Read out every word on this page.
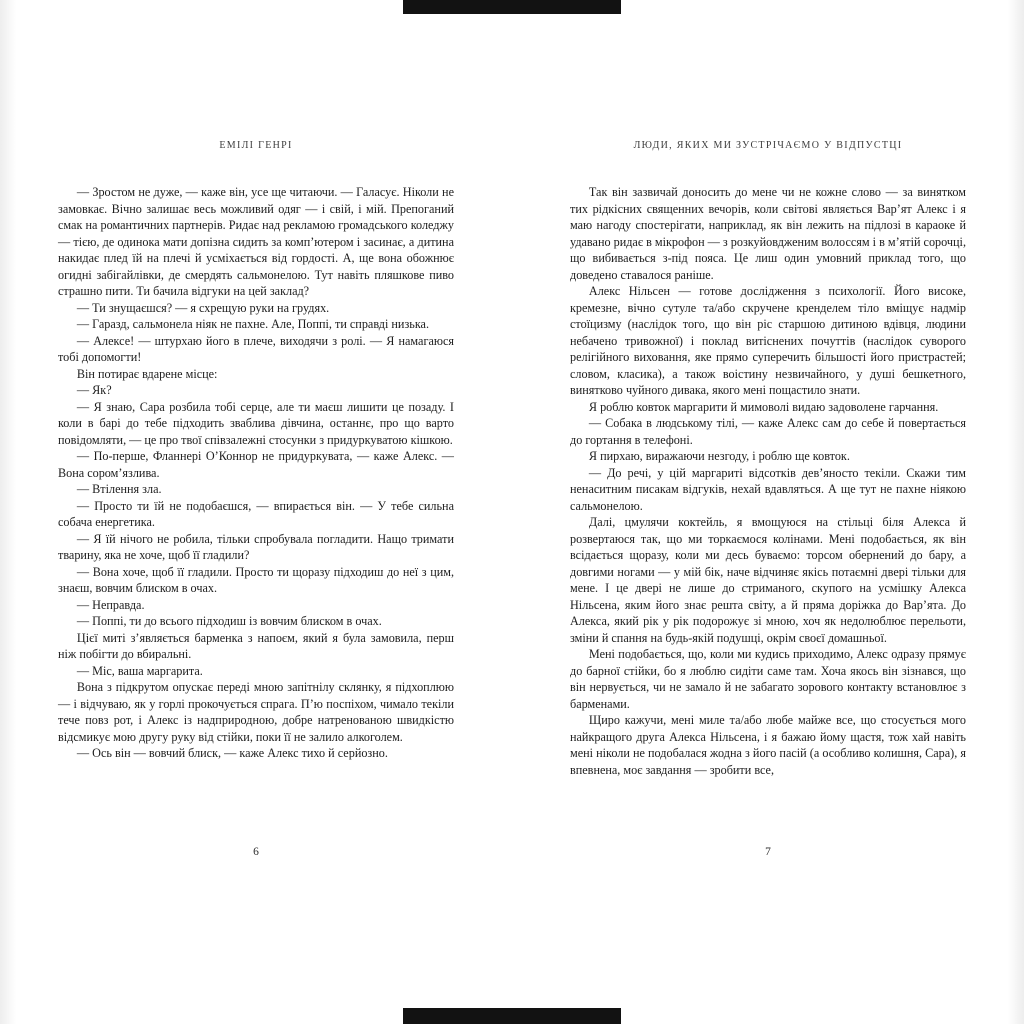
ЕМІЛІ ГЕНРІ

— Зростом не дуже, — каже він, усе ще читаючи. — Галасує. Ніколи не замовкає. Вічно залишає весь можливий одяг — і свій, і мій. Препоганий смак на романтичних партнерів. Ридає над рекламою громадського коледжу — тією, де одинока мати допізна сидить за комп’ютером і засинає, а дитина накидає плед їй на плечі й усміхається від гордості. А, ще вона обожнює огидні забігайлівки, де смердять сальмонелою. Тут навіть пляшкове пиво страшно пити. Ти бачила відгуки на цей заклад?

— Ти знущаєшся? — я схрещую руки на грудях.

— Гаразд, сальмонела ніяк не пахне. Але, Поппі, ти справді низька.

— Алексе! — штурхаю його в плече, виходячи з ролі. — Я намагаюся тобі допомогти!

Він потирає вдарене місце:

— Як?

— Я знаю, Сара розбила тобі серце, але ти маєш лишити це позаду. І коли в барі до тебе підходить зваблива дівчина, останнє, про що варто повідомляти, — це про твої співзалежні стосунки з придуркуватою кішкою.

— По-перше, Фланнері О’Коннор не придуркувата, — каже Алекс. — Вона сором’язлива.

— Втілення зла.

— Просто ти їй не подобаєшся, — впирається він. — У тебе сильна собача енергетика.

— Я їй нічого не робила, тільки спробувала погладити. Нащо тримати тварину, яка не хоче, щоб її гладили?

— Вона хоче, щоб її гладили. Просто ти щоразу підходиш до неї з цим, знаєш, вовчим блиском в очах.

— Неправда.

— Поппі, ти до всього підходиш із вовчим блиском в очах.

Цієї миті з’являється барменка з напоєм, який я була замовила, перш ніж побігти до вбиральні.

— Міс, ваша маргарита.

Вона з підкрутом опускає переді мною запітнілу склянку, я підхоплюю — і відчуваю, як у горлі прокочується спрага. П’ю поспіхом, чимало текіли тече повз рот, і Алекс із надприродною, добре натренованою швидкістю відсмикує мою другу руку від стійки, поки її не залило алкоголем.

— Ось він — вовчий блиск, — каже Алекс тихо й серйозно.

6
ЛЮДИ, ЯКИХ МИ ЗУСТРІЧАЄМО У ВІДПУСТЦІ

Так він зазвичай доносить до мене чи не кожне слово — за винятком тих рідкісних священних вечорів, коли світові являється Вар’ят Алекс і я маю нагоду спостерігати, наприклад, як він лежить на підлозі в караоке й удавано ридає в мікрофон — з розкуйовдженим волоссям і в м’ятій сорочці, що вибивається з-під пояса. Це лиш один умовний приклад того, що доведено ставалося раніше.

Алекс Нільсен — готове дослідження з психології. Його високе, кремезне, вічно сутуле та/або скручене кренделем тіло вміщує надмір стоїцизму (наслідок того, що він ріс старшою дитиною вдівця, людини небачено тривожної) і поклад витіснених почуттів (наслідок суворого релігійного виховання, яке прямо суперечить більшості його пристрастей; словом, класика), а також воістину незвичайного, у душі бешкетного, винятково чуйного дивака, якого мені пощастило знати.

Я роблю ковток маргарити й мимоволі видаю задоволене гарчання.

— Собака в людському тілі, — каже Алекс сам до себе й повертається до гортання в телефоні.

Я пирхаю, виражаючи незгоду, і роблю ще ковток.

— До речі, у цій маргариті відсотків дев’яносто текіли. Скажи тим ненаситним писакам відгуків, нехай вдавляться. А ще тут не пахне ніякою сальмонелою.

Далі, цмулячи коктейль, я вмощуюся на стільці біля Алекса й розвертаюся так, що ми торкаємося колінами. Мені подобається, як він всідається щоразу, коли ми десь буваємо: торсом обернений до бару, а довгими ногами — у мій бік, наче відчиняє якісь потаємні двері тільки для мене. І це двері не лише до стриманого, скупого на усмішку Алекса Нільсена, яким його знає решта світу, а й пряма доріжка до Вар’ята. До Алекса, який рік у рік подорожує зі мною, хоч як недолюблює перельоти, зміни й спання на будь-якій подушці, окрім своєї домашньої.

Мені подобається, що, коли ми кудись приходимо, Алекс одразу прямує до барної стійки, бо я люблю сидіти саме там. Хоча якось він зізнався, що він нервується, чи не замало й не забагато зорового контакту встановлює з барменами.

Щиро кажучи, мені миле та/або любе майже все, що стосується мого найкращого друга Алекса Нільсена, і я бажаю йому щастя, тож хай навіть мені ніколи не подобалася жодна з його пасій (а особливо колишня, Сара), я впевнена, моє завдання — зробити все,

7
